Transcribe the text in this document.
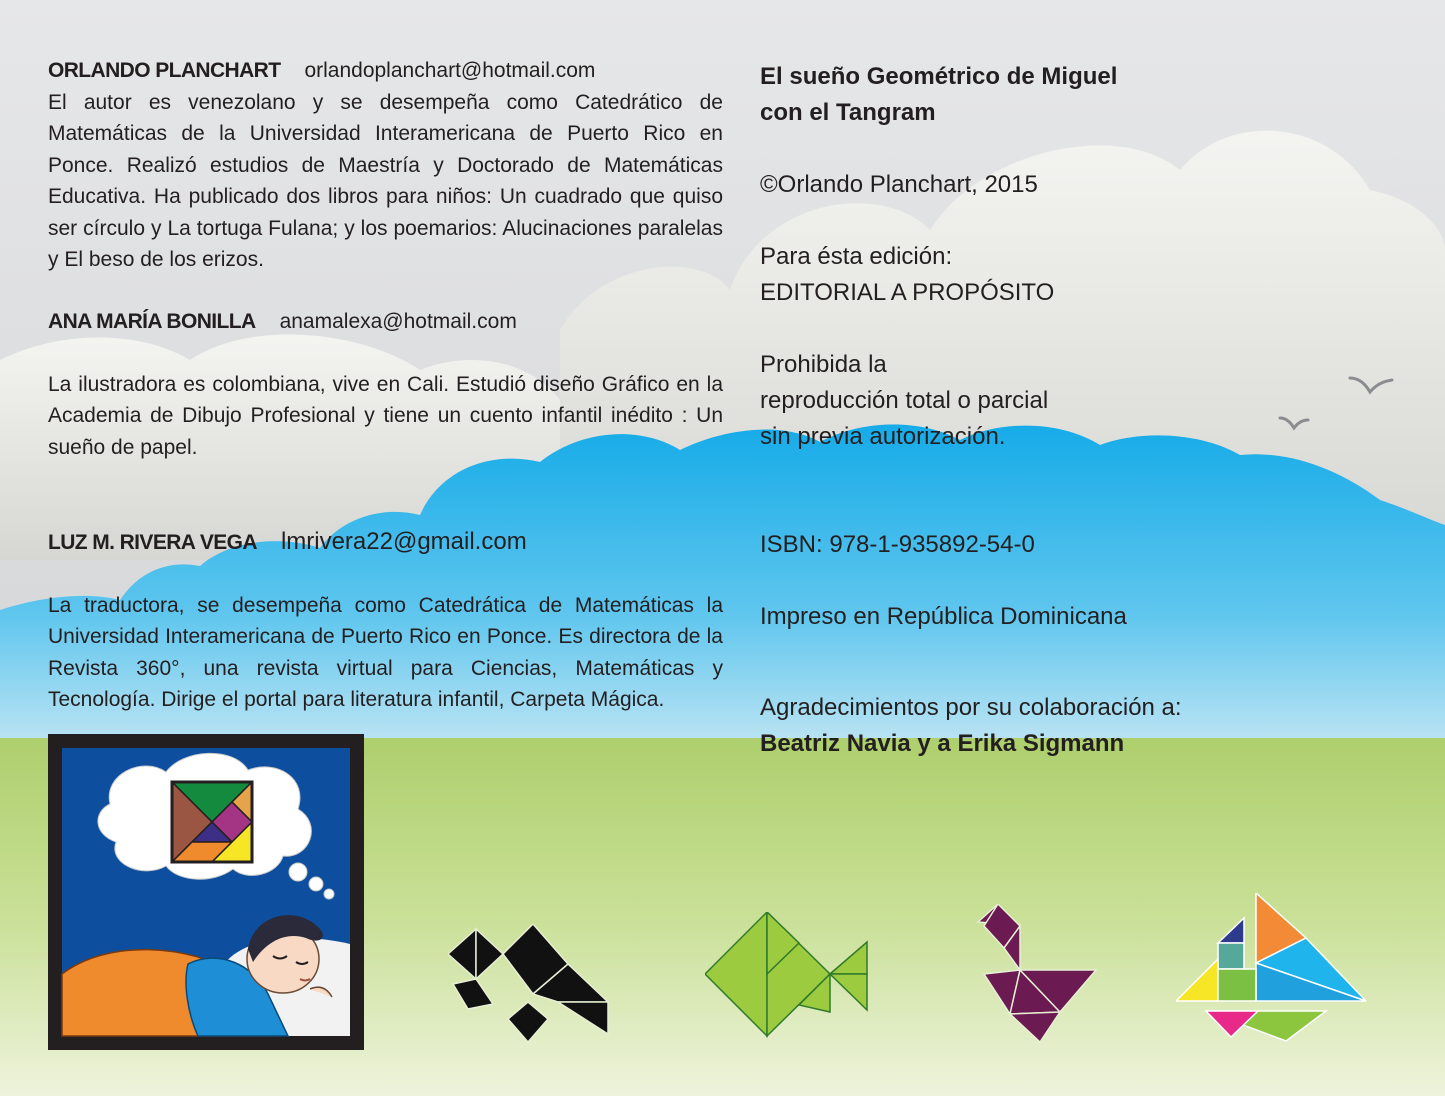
ORLANDO PLANCHART orlandoplanchart@hotmail.com
El autor es venezolano y se desempeña como Catedrático de Matemáticas de la Universidad Interamericana de Puerto Rico en Ponce. Realizó estudios de Maestría y Doctorado de Matemáticas Educativa. Ha publicado dos libros para niños: Un cuadrado que quiso ser círculo y La tortuga Fulana; y los poemarios: Alucinaciones paralelas y El beso de los erizos.
ANA MARÍA BONILLA anamalexa@hotmail.com
La ilustradora es colombiana, vive en Cali. Estudió diseño Gráfico en la Academia de Dibujo Profesional y tiene un cuento infantil inédito : Un sueño de papel.
LUZ M. RIVERA VEGA lmrivera22@gmail.com
La traductora, se desempeña como Catedrática de Matemáticas la Universidad Interamericana de Puerto Rico en Ponce. Es directora de la Revista 360°, una revista virtual para Ciencias, Matemáticas y Tecnología. Dirige el portal para literatura infantil, Carpeta Mágica.
El sueño Geométrico de Miguel
con el Tangram
©Orlando Planchart, 2015
Para ésta edición:
EDITORIAL A PROPÓSITO
Prohibida la
reproducción total o parcial
sin previa autorización.
ISBN: 978-1-935892-54-0
Impreso en República Dominicana
Agradecimientos por su colaboración a:
Beatriz Navia y a Erika Sigmann
